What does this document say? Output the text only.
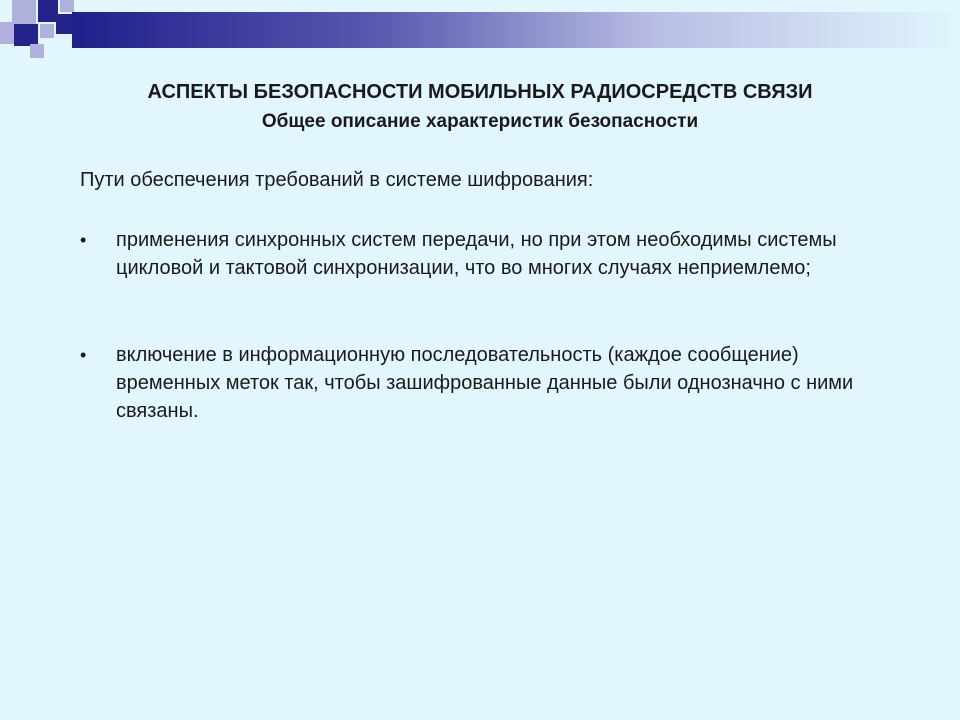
АСПЕКТЫ БЕЗОПАСНОСТИ МОБИЛЬНЫХ РАДИОСРЕДСТВ СВЯЗИ
Общее описание характеристик безопасности
Пути обеспечения требований в системе шифрования:
•	применения синхронных систем передачи, но при этом необходимы системы цикловой и тактовой синхронизации, что во многих случаях неприемлемо;
•	включение в информационную последовательность (каждое сообщение) временных меток так, чтобы зашифрованные данные были однозначно с ними связаны.
